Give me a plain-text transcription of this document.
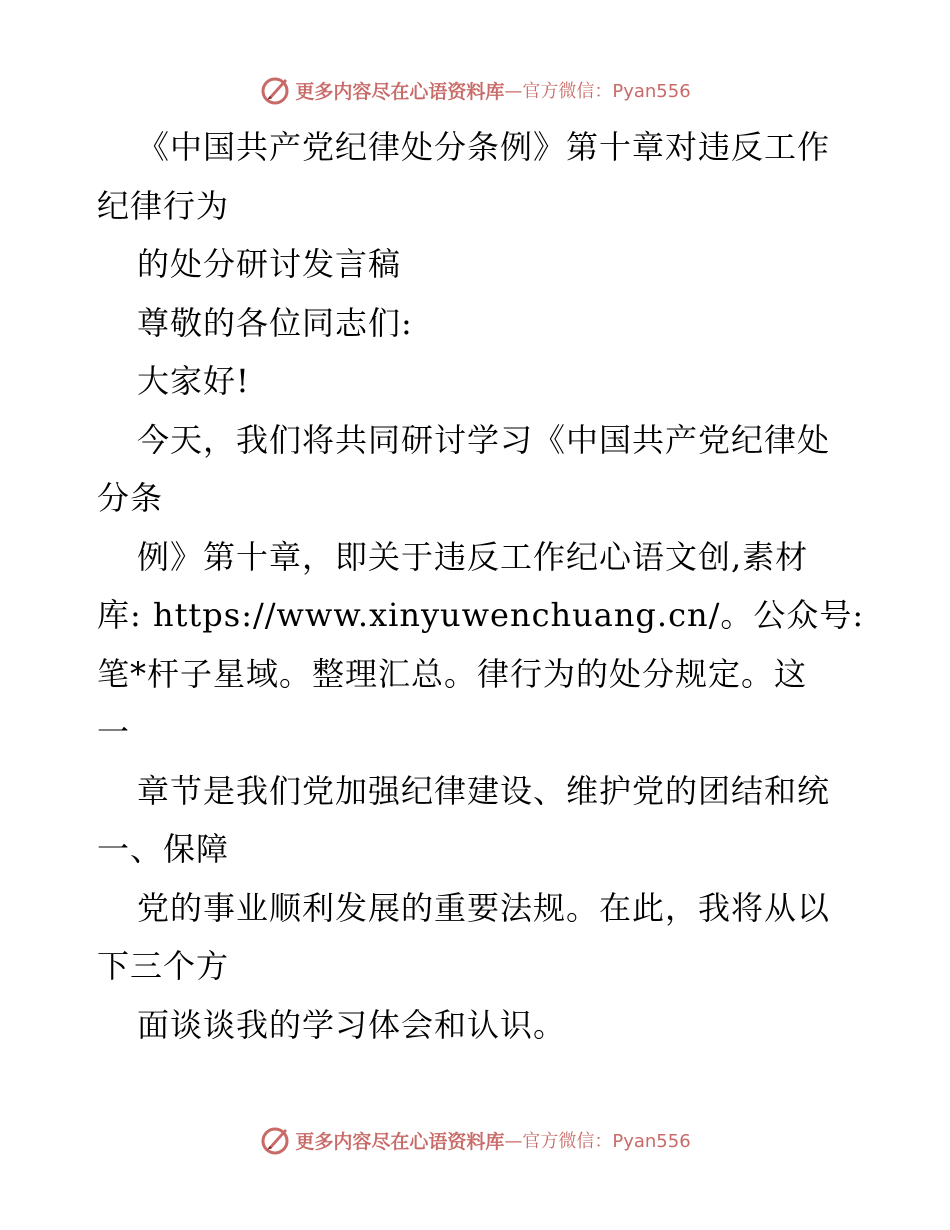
更多内容尽在心语资料库 —官方微信：Pyan556
《中国共产党纪律处分条例》第十章对违反工作
纪律行为
的处分研讨发言稿
尊敬的各位同志们:
大家好!
今天，我们将共同研讨学习《中国共产党纪律处
分条
例》第十章，即关于违反工作纪心语文创,素材
库: https://www.xinyuwenchuang.cn/。公众号:
笔*杆子星域。整理汇总。律行为的处分规定。这
一
章节是我们党加强纪律建设、维护党的团结和统
一、保障
党的事业顺利发展的重要法规。在此，我将从以
下三个方
面谈谈我的学习体会和认识。
更多内容尽在心语资料库 —官方微信：Pyan556
